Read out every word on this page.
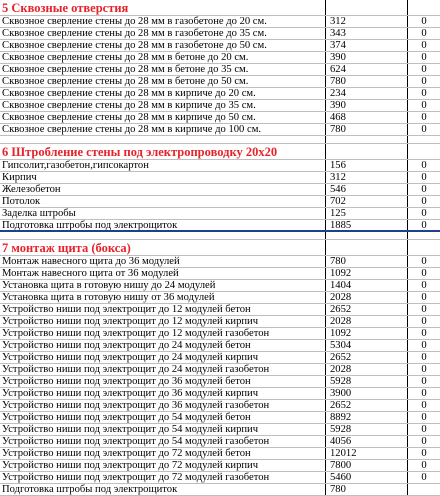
5 Сквозные отверстия
Сквозное сверление стены до 28 мм в газобетоне до 20 см.	312	0
Сквозное сверление стены до 28 мм в газобетоне до 35 см.	343	0
Сквозное сверление стены до 28 мм в газобетоне до 50 см.	374	0
Сквозное сверление стены до 28 мм в бетоне до 20 см.	390	0
Сквозное сверление стены до 28 мм в бетоне до 35 см.	624	0
Сквозное сверление стены до 28 мм в бетоне до 50 см.	780	0
Сквозное сверление стены до 28 мм в кирпиче до 20 см.	234	0
Сквозное сверление стены до 28 мм в кирпиче до 35 см.	390	0
Сквозное сверление стены до 28 мм в кирпиче до 50 см.	468	0
Сквозное сверление стены до 28 мм в кирпиче до 100 см.	780	0
6 Штробление стены под электропроводку 20x20
Гипсолит,газобетон,гипсокартон	156	0
Кирпич	312	0
Железобетон	546	0
Потолок	702	0
Заделка штробы	125	0
Подготовка штробы под электрощиток	1885	0
7 монтаж щита (бокса)
Монтаж навесного щита до 36 модулей	780	0
Монтаж навесного щита от 36 модулей	1092	0
Установка щита в готовую нишу до 24 модулей	1404	0
Установка щита в готовую нишу от 36 модулей	2028	0
Устройство ниши под электрощит до 12 модулей бетон	2652	0
Устройство ниши под электрощит до 12 модулей кирпич	2028	0
Устройство ниши под электрощит до 12 модулей газобетон	1092	0
Устройство ниши под электрощит до 24 модулей бетон	5304	0
Устройство ниши под электрощит до 24 модулей кирпич	2652	0
Устройство ниши под электрощит до 24 модулей газобетон	2028	0
Устройство ниши под электрощит до 36 модулей бетон	5928	0
Устройство ниши под электрощит до 36 модулей кирпич	3900	0
Устройство ниши под электрощит до 36 модулей газобетон	2652	0
Устройство ниши под электрощит до 54 модулей бетон	8892	0
Устройство ниши под электрощит до 54 модулей кирпич	5928	0
Устройство ниши под электрощит до 54 модулей газобетон	4056	0
Устройство ниши под электрощит до 72 модулей бетон	12012	0
Устройство ниши под электрощит до 72 модулей кирпич	7800	0
Устройство ниши под электрощит до 72 модулей газобетон	5460	0
Подготовка штробы под электрощиток	780
